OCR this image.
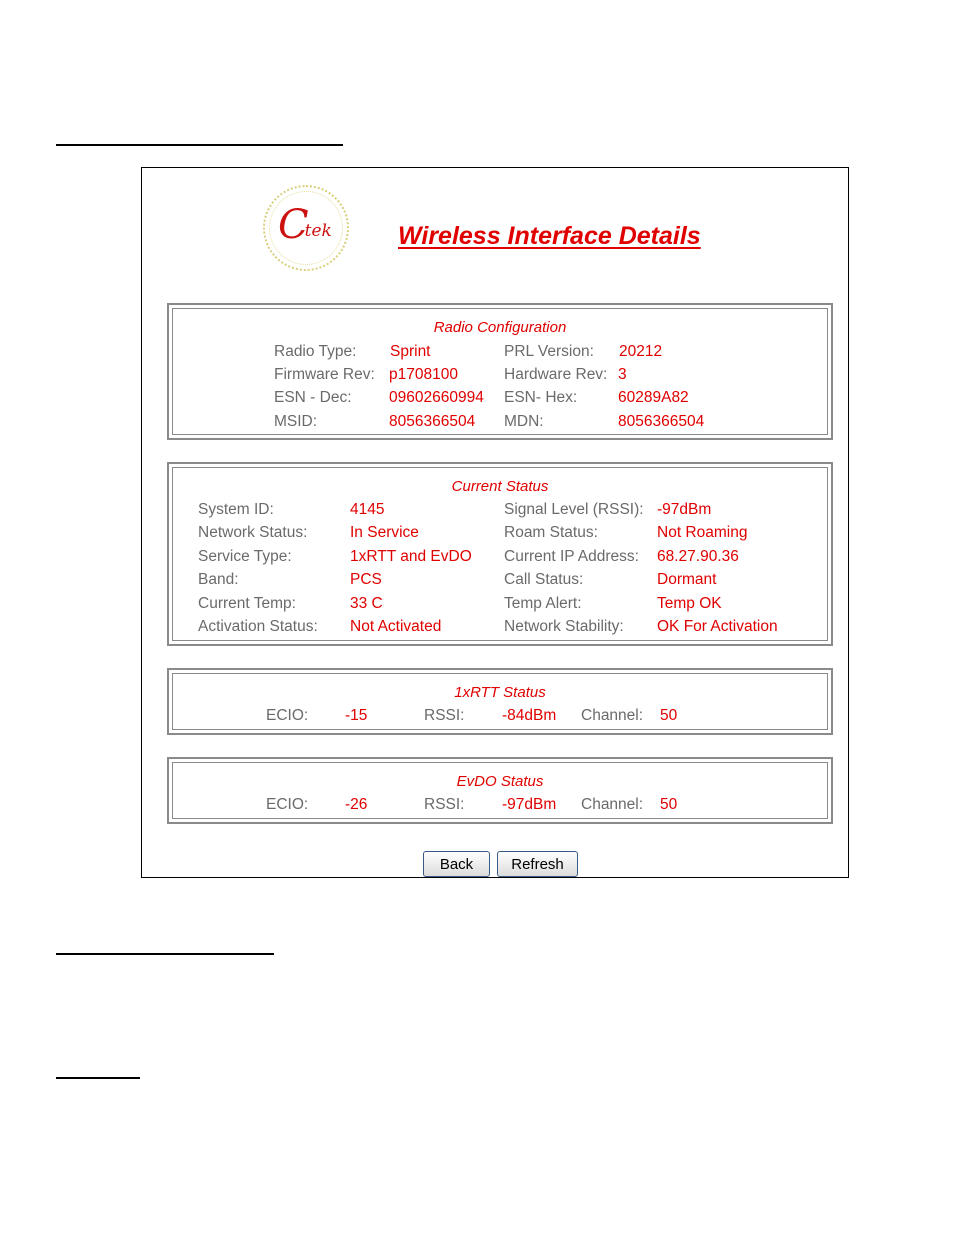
Ctek	Wireless Interface Details
Radio Configuration
Radio Type: Sprint	PRL Version: 20212
Firmware Rev: p1708100	Hardware Rev: 3
ESN - Dec: 09602660994 ESN- Hex:	60289A82
MSID:	8056366504 MDN:	8056366504
Current Status
System ID:	4145	Signal Level (RSSI): -97dBm
Network Status:	In Service	Roam Status:	Not Roaming
Service Type:	1xRTT and EvDO Current IP Address: 68.27.90.36
Band:	PCS	Call Status:	Dormant
Current Temp:	33 C	Temp Alert:	Temp OK
Activation Status: Not Activated	Network Stability: OK For Activation
1xRTT Status
ECIO: -15	RSSI: -84dBm Channel: 50
EvDO Status
ECIO: -26	RSSI: -97dBm Channel: 50
Back	Refresh
